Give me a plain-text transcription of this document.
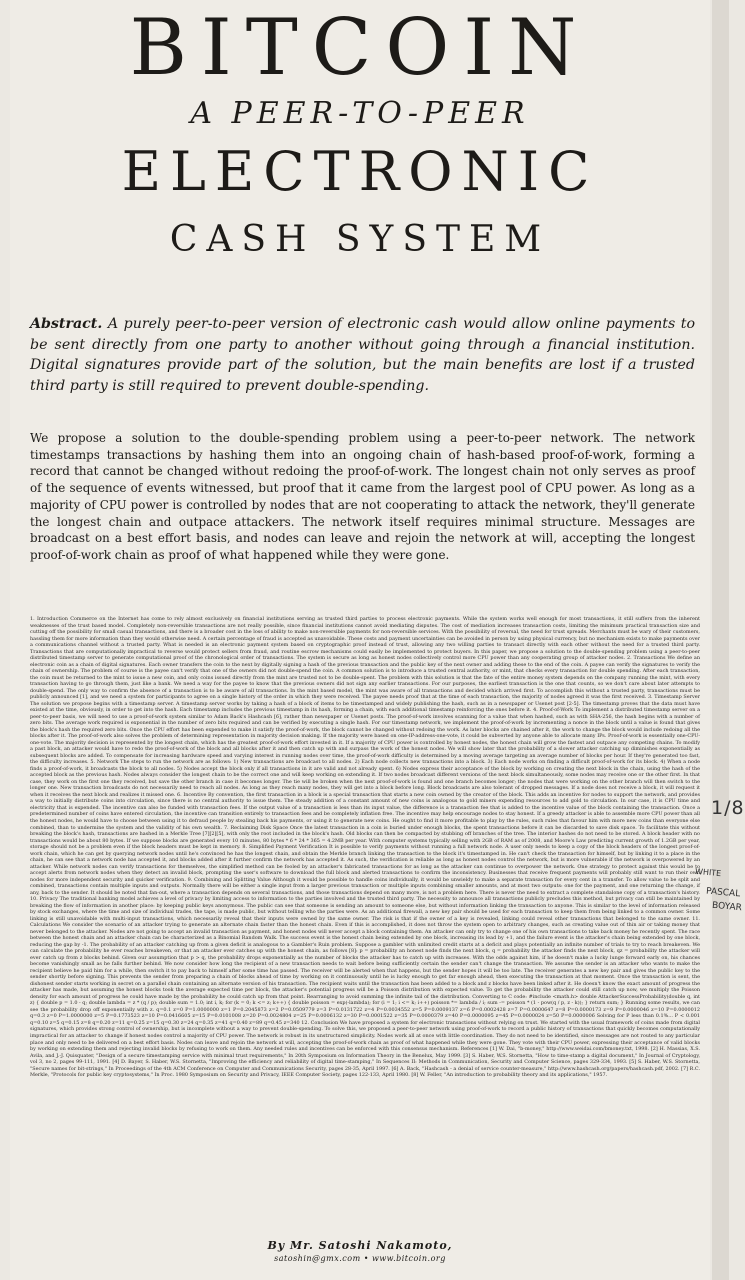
BITCOIN
A PEER-TO-PEER
ELECTRONIC
CASH SYSTEM

Abstract. A purely peer-to-peer version of electronic cash would allow online payments to be sent directly from one party to another without going through a financial institution. Digital signatures provide part of the solution, but the main benefits are lost if a trusted third party is still required to prevent double-spending.

We propose a solution to the double-spending problem using a peer-to-peer network. The network timestamps transactions by hashing them into an ongoing chain of hash-based proof-of-work, forming a record that cannot be changed without redoing the proof-of-work. The longest chain not only serves as proof of the sequence of events witnessed, but proof that it came from the largest pool of CPU power. As long as a majority of CPU power is controlled by nodes that are not cooperating to attack the network, they'll generate the longest chain and outpace attackers. The network itself requires minimal structure. Messages are broadcast on a best effort basis, and nodes can leave and rejoin the network at will, accepting the longest proof-of-work chain as proof of what happened while they were gone.

1. Introduction Commerce on the Internet has come to rely almost exclusively on financial institutions serving as trusted third parties to process electronic payments. While the system works well enough for most transactions, it still suffers from the inherent weaknesses of the trust based model. Completely non-reversible transactions are not really possible, since financial institutions cannot avoid mediating disputes. The cost of mediation increases transaction costs, limiting the minimum practical transaction size and cutting off the possibility for small casual transactions, and there is a broader cost in the loss of ability to make non-reversible payments for non-reversible services. With the possibility of reversal, the need for trust spreads. Merchants must be wary of their customers, hassling them for more information than they would otherwise need. A certain percentage of fraud is accepted as unavoidable. These costs and payment uncertainties can be avoided in person by using physical currency, but no mechanism exists to make payments over a communications channel without a trusted party. What is needed is an electronic payment system based on cryptographic proof instead of trust, allowing any two willing parties to transact directly with each other without the need for a trusted third party. Transactions that are computationally impractical to reverse would protect sellers from fraud, and routine escrow mechanisms could easily be implemented to protect buyers. In this paper, we propose a solution to the double-spending problem using a peer-to-peer distributed timestamp server to generate computational proof of the chronological order of transactions. The system is secure as long as honest nodes collectively control more CPU power than any cooperating group of attacker nodes. 2. Transactions We define an electronic coin as a chain of digital signatures. Each owner transfers the coin to the next by digitally signing a hash of the previous transaction and the public key of the next owner and adding these to the end of the coin. A payee can verify the signatures to verify the chain of ownership. The problem of course is the payee can't verify that one of the owners did not double-spend the coin. A common solution is to introduce a trusted central authority, or mint, that checks every transaction for double spending. After each transaction, the coin must be returned to the mint to issue a new coin, and only coins issued directly from the mint are trusted not to be double-spent. The problem with this solution is that the fate of the entire money system depends on the company running the mint, with every transaction having to go through them, just like a bank. We need a way for the payee to know that the previous owners did not sign any earlier transactions. For our purposes, the earliest transaction is the one that counts, so we don't care about later attempts to double-spend. The only way to confirm the absence of a transaction is to be aware of all transactions. In the mint based model, the mint was aware of all transactions and decided which arrived first. To accomplish this without a trusted party, transactions must be publicly announced [1], and we need a system for participants to agree on a single history of the order in which they were received. The payee needs proof that at the time of each transaction, the majority of nodes agreed it was the first received. 3. Timestamp Server The solution we propose begins with a timestamp server. A timestamp server works by taking a hash of a block of items to be timestamped and widely publishing the hash, such as in a newspaper or Usenet post [2-5]. The timestamp proves that the data must have existed at the time, obviously, in order to get into the hash. Each timestamp includes the previous timestamp in its hash, forming a chain, with each additional timestamp reinforcing the ones before it. 4. Proof-of-Work To implement a distributed timestamp server on a peer-to-peer basis, we will need to use a proof-of-work system similar to Adam Back's Hashcash [6], rather than newspaper or Usenet posts. The proof-of-work involves scanning for a value that when hashed, such as with SHA-256, the hash begins with a number of zero bits. The average work required is exponential in the number of zero bits required and can be verified by executing a single hash. For our timestamp network, we implement the proof-of-work by incrementing a nonce in the block until a value is found that gives the block's hash the required zero bits. Once the CPU effort has been expended to make it satisfy the proof-of-work, the block cannot be changed without redoing the work. As later blocks are chained after it, the work to change the block would include redoing all the blocks after it. The proof-of-work also solves the problem of determining representation in majority decision making. If the majority were based on one-IP-address-one-vote, it could be subverted by anyone able to allocate many IPs. Proof-of-work is essentially one-CPU-one-vote. The majority decision is represented by the longest chain, which has the greatest proof-of-work effort invested in it. If a majority of CPU power is controlled by honest nodes, the honest chain will grow the fastest and outpace any competing chains. To modify a past block, an attacker would have to redo the proof-of-work of the block and all blocks after it and then catch up with and surpass the work of the honest nodes. We will show later that the probability of a slower attacker catching up diminishes exponentially as subsequent blocks are added. To compensate for increasing hardware speed and varying interest in running nodes over time, the proof-of-work difficulty is determined by a moving average targeting an average number of blocks per hour. If they're generated too fast, the difficulty increases. 5. Network The steps to run the network are as follows: 1) New transactions are broadcast to all nodes. 2) Each node collects new transactions into a block. 3) Each node works on finding a difficult proof-of-work for its block. 4) When a node finds a proof-of-work, it broadcasts the block to all nodes. 5) Nodes accept the block only if all transactions in it are valid and not already spent. 6) Nodes express their acceptance of the block by working on creating the next block in the chain, using the hash of the accepted block as the previous hash. Nodes always consider the longest chain to be the correct one and will keep working on extending it. If two nodes broadcast different versions of the next block simultaneously, some nodes may receive one or the other first. In that case, they work on the first one they received, but save the other branch in case it becomes longer. The tie will be broken when the next proof-of-work is found and one branch becomes longer; the nodes that were working on the other branch will then switch to the longer one. New transaction broadcasts do not necessarily need to reach all nodes. As long as they reach many nodes, they will get into a block before long. Block broadcasts are also tolerant of dropped messages. If a node does not receive a block, it will request it when it receives the next block and realizes it missed one. 6. Incentive By convention, the first transaction in a block is a special transaction that starts a new coin owned by the creator of the block. This adds an incentive for nodes to support the network, and provides a way to initially distribute coins into circulation, since there is no central authority to issue them. The steady addition of a constant amount of new coins is analogous to gold miners expending resources to add gold to circulation. In our case, it is CPU time and electricity that is expended. The incentive can also be funded with transaction fees. If the output value of a transaction is less than its input value, the difference is a transaction fee that is added to the incentive value of the block containing the transaction. Once a predetermined number of coins have entered circulation, the incentive can transition entirely to transaction fees and be completely inflation free. The incentive may help encourage nodes to stay honest. If a greedy attacker is able to assemble more CPU power than all the honest nodes, he would have to choose between using it to defraud people by stealing back his payments, or using it to generate new coins. He ought to find it more profitable to play by the rules, such rules that favour him with more new coins than everyone else combined, than to undermine the system and the validity of his own wealth. 7. Reclaiming Disk Space Once the latest transaction in a coin is buried under enough blocks, the spent transactions before it can be discarded to save disk space. To facilitate this without breaking the block's hash, transactions are hashed in a Merkle Tree [7][2][5], with only the root included in the block's hash. Old blocks can then be compacted by stubbing off branches of the tree. The interior hashes do not need to be stored. A block header with no transactions would be about 80 bytes. If we suppose blocks are generated every 10 minutes, 80 bytes * 6 * 24 * 365 = 4.2MB per year. With computer systems typically selling with 2GB of RAM as of 2008, and Moore's Law predicting current growth of 1.2GB per year, storage should not be a problem even if the block headers must be kept in memory. 8. Simplified Payment Verification It is possible to verify payments without running a full network node. A user only needs to keep a copy of the block headers of the longest proof-of-work chain, which he can get by querying network nodes until he's convinced he has the longest chain, and obtain the Merkle branch linking the transaction to the block it's timestamped in. He can't check the transaction for himself, but by linking it to a place in the chain, he can see that a network node has accepted it, and blocks added after it further confirm the network has accepted it. As such, the verification is reliable as long as honest nodes control the network, but is more vulnerable if the network is overpowered by an attacker. While network nodes can verify transactions for themselves, the simplified method can be fooled by an attacker's fabricated transactions for as long as the attacker can continue to overpower the network. One strategy to protect against this would be to accept alerts from network nodes when they detect an invalid block, prompting the user's software to download the full block and alerted transactions to confirm the inconsistency. Businesses that receive frequent payments will probably still want to run their own nodes for more independent security and quicker verification. 9. Combining and Splitting Value Although it would be possible to handle coins individually, it would be unwieldy to make a separate transaction for every cent in a transfer. To allow value to be split and combined, transactions contain multiple inputs and outputs. Normally there will be either a single input from a larger previous transaction or multiple inputs combining smaller amounts, and at most two outputs: one for the payment, and one returning the change, if any, back to the sender. It should be noted that fan-out, where a transaction depends on several transactions, and those transactions depend on many more, is not a problem here. There is never the need to extract a complete standalone copy of a transaction's history. 10. Privacy The traditional banking model achieves a level of privacy by limiting access to information to the parties involved and the trusted third party. The necessity to announce all transactions publicly precludes this method, but privacy can still be maintained by breaking the flow of information in another place: by keeping public keys anonymous. The public can see that someone is sending an amount to someone else, but without information linking the transaction to anyone. This is similar to the level of information released by stock exchanges, where the time and size of individual trades, the tape, is made public, but without telling who the parties were. As an additional firewall, a new key pair should be used for each transaction to keep them from being linked to a common owner. Some linking is still unavoidable with multi-input transactions, which necessarily reveal that their inputs were owned by the same owner. The risk is that if the owner of a key is revealed, linking could reveal other transactions that belonged to the same owner. 11. Calculations We consider the scenario of an attacker trying to generate an alternate chain faster than the honest chain. Even if this is accomplished, it does not throw the system open to arbitrary changes, such as creating value out of thin air or taking money that never belonged to the attacker. Nodes are not going to accept an invalid transaction as payment, and honest nodes will never accept a block containing them. An attacker can only try to change one of his own transactions to take back money he recently spent. The race between the honest chain and an attacker chain can be characterized as a Binomial Random Walk. The success event is the honest chain being extended by one block, increasing its lead by +1, and the failure event is the attacker's chain being extended by one block, reducing the gap by -1. The probability of an attacker catching up from a given deficit is analogous to a Gambler's Ruin problem. Suppose a gambler with unlimited credit starts at a deficit and plays potentially an infinite number of trials to try to reach breakeven. We can calculate the probability he ever reaches breakeven, or that an attacker ever catches up with the honest chain, as follows [8]: p = probability an honest node finds the next block, q = probability the attacker finds the next block, qz = probability the attacker will ever catch up from z blocks behind. Given our assumption that p > q, the probability drops exponentially as the number of blocks the attacker has to catch up with increases. With the odds against him, if he doesn't make a lucky lunge forward early on, his chances become vanishingly small as he falls further behind. We now consider how long the recipient of a new transaction needs to wait before being sufficiently certain the sender can't change the transaction. We assume the sender is an attacker who wants to make the recipient believe he paid him for a while, then switch it to pay back to himself after some time has passed. The receiver will be alerted when that happens, but the sender hopes it will be too late. The receiver generates a new key pair and gives the public key to the sender shortly before signing. This prevents the sender from preparing a chain of blocks ahead of time by working on it continuously until he is lucky enough to get far enough ahead, then executing the transaction at that moment. Once the transaction is sent, the dishonest sender starts working in secret on a parallel chain containing an alternate version of his transaction. The recipient waits until the transaction has been added to a block and z blocks have been linked after it. He doesn't know the exact amount of progress the attacker has made, but assuming the honest blocks took the average expected time per block, the attacker's potential progress will be a Poisson distribution with expected value. To get the probability the attacker could still catch up now, we multiply the Poisson density for each amount of progress he could have made by the probability he could catch up from that point. Rearranging to avoid summing the infinite tail of the distribution. Converting to C code: #include <math.h> double AttackerSuccessProbability(double q, int z) { double p = 1.0 - q; double lambda = z * (q / p); double sum = 1.0; int i, k; for (k = 0; k <= z; k++) { double poisson = exp(-lambda); for (i = 1; i <= k; i++) poisson *= lambda / i; sum -= poisson * (1 - pow(q / p, z - k)); } return sum; } Running some results, we can see the probability drop off exponentially with z. q=0.1 z=0 P=1.0000000 z=1 P=0.2045873 z=2 P=0.0509779 z=3 P=0.0131722 z=4 P=0.0034552 z=5 P=0.0009137 z=6 P=0.0002428 z=7 P=0.0000647 z=8 P=0.0000173 z=9 P=0.0000046 z=10 P=0.0000012 q=0.3 z=0 P=1.0000000 z=5 P=0.1773523 z=10 P=0.0416605 z=15 P=0.0101008 z=20 P=0.0024804 z=25 P=0.0006132 z=30 P=0.0001522 z=35 P=0.0000379 z=40 P=0.0000095 z=45 P=0.0000024 z=50 P=0.0000006 Solving for P less than 0.1%... P < 0.001 q=0.10 z=5 q=0.15 z=8 q=0.20 z=11 q=0.25 z=15 q=0.30 z=24 q=0.35 z=41 q=0.40 z=89 q=0.45 z=340 12. Conclusion We have proposed a system for electronic transactions without relying on trust. We started with the usual framework of coins made from digital signatures, which provides strong control of ownership, but is incomplete without a way to prevent double-spending. To solve this, we proposed a peer-to-peer network using proof-of-work to record a public history of transactions that quickly becomes computationally impractical for an attacker to change if honest nodes control a majority of CPU power. The network is robust in its unstructured simplicity. Nodes work all at once with little coordination. They do not need to be identified, since messages are not routed to any particular place and only need to be delivered on a best effort basis. Nodes can leave and rejoin the network at will, accepting the proof-of-work chain as proof of what happened while they were gone. They vote with their CPU power, expressing their acceptance of valid blocks by working on extending them and rejecting invalid blocks by refusing to work on them. Any needed rules and incentives can be enforced with this consensus mechanism. References [1] W. Dai, "b-money," http://www.weidai.com/bmoney.txt, 1998. [2] H. Massias, X.S. Avila, and J.-J. Quisquater, "Design of a secure timestamping service with minimal trust requirements," In 20th Symposium on Information Theory in the Benelux, May 1999. [3] S. Haber, W.S. Stornetta, "How to time-stamp a digital document," In Journal of Cryptology, vol 3, no 2, pages 99-111, 1991. [4] D. Bayer, S. Haber, W.S. Stornetta, "Improving the efficiency and reliability of digital time-stamping," In Sequences II: Methods in Communication, Security and Computer Science, pages 329-334, 1993. [5] S. Haber, W.S. Stornetta, "Secure names for bit-strings," In Proceedings of the 4th ACM Conference on Computer and Communications Security, pages 28-35, April 1997. [6] A. Back, "Hashcash - a denial of service counter-measure," http://www.hashcash.org/papers/hashcash.pdf, 2002. [7] R.C. Merkle, "Protocols for public key cryptosystems," In Proc. 1980 Symposium on Security and Privacy, IEEE Computer Society, pages 122-133, April 1980. [8] W. Feller, "An introduction to probability theory and its applications," 1957.

By Mr. Satoshi Nakamoto,
satoshin@gmx.com • www.bitcoin.org
1/8
WHITE
PASCAL
BOYAR
